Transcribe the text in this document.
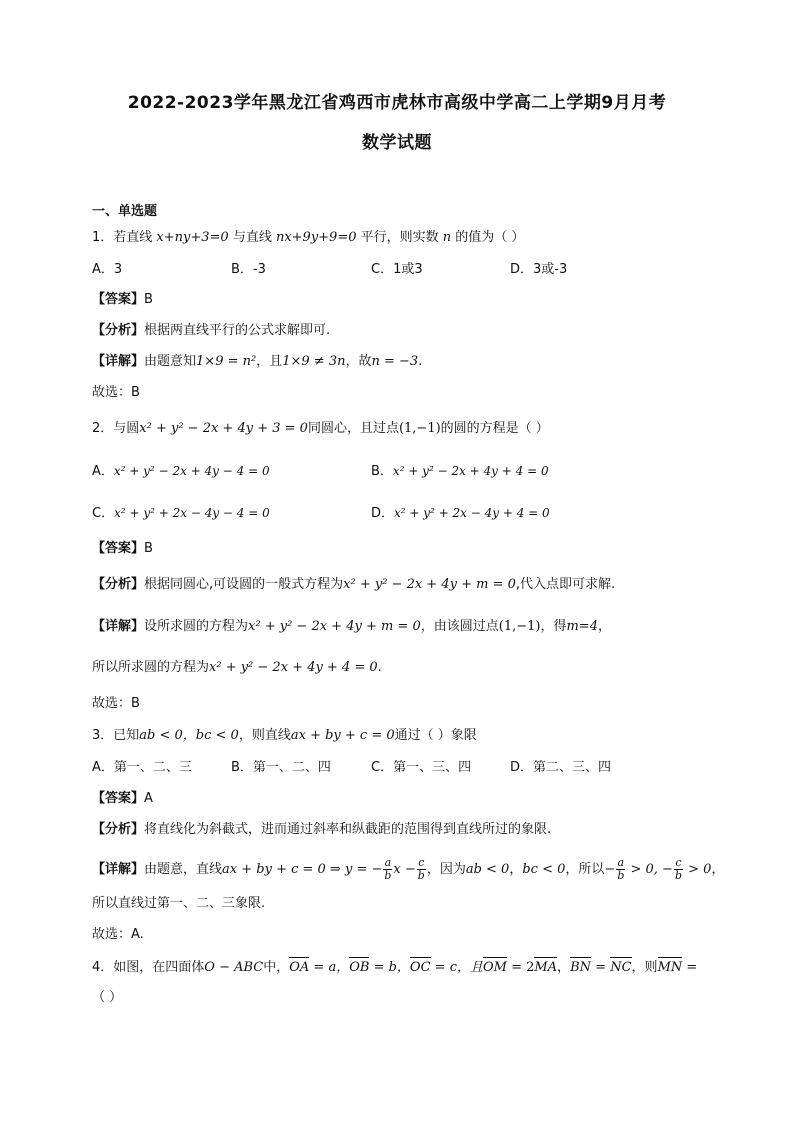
2022-2023学年黑龙江省鸡西市虎林市高级中学高二上学期9月月考
数学试题
一、单选题
1．若直线 x+ny+3=0 与直线 nx+9y+9=0 平行，则实数 n 的值为（ ）
A．3	B．-3	C．1或3	D．3或-3
【答案】B
【分析】根据两直线平行的公式求解即可.
【详解】由题意知1×9 = n²，且1×9 ≠ 3n，故n = −3.
故选：B
2．与圆x² + y² − 2x + 4y + 3 = 0同圆心，且过点(1,−1)的圆的方程是（ ）
A．x² + y² − 2x + 4y − 4 = 0	B．x² + y² − 2x + 4y + 4 = 0
C．x² + y² + 2x − 4y − 4 = 0	D．x² + y² + 2x − 4y + 4 = 0
【答案】B
【分析】根据同圆心,可设圆的一般式方程为x² + y² − 2x + 4y + m = 0,代入点即可求解.
【详解】设所求圆的方程为x² + y² − 2x + 4y + m = 0，由该圆过点(1,−1)，得m=4，
所以所求圆的方程为x² + y² − 2x + 4y + 4 = 0.
故选：B
3．已知ab < 0，bc < 0，则直线ax + by + c = 0通过（ ）象限
A．第一、二、三	B．第一、二、四	C．第一、三、四	D．第二、三、四
【答案】A
【分析】将直线化为斜截式，进而通过斜率和纵截距的范围得到直线所过的象限.
【详解】由题意，直线ax + by + c = 0 ⇒ y = − $\frac{a}{b}$ $x - \frac{c}{b}$ ，因为ab < 0，bc < 0，所以− $\frac{a}{b} > 0$, − $\frac{c}{b} > 0$，
所以直线过第一、二、三象限.
故选：A.
4．如图，在四面体O − ABC中，OA = a，OB = b，OC = c，且OM = 2MA，BN = NC，则MN =
（ ）
